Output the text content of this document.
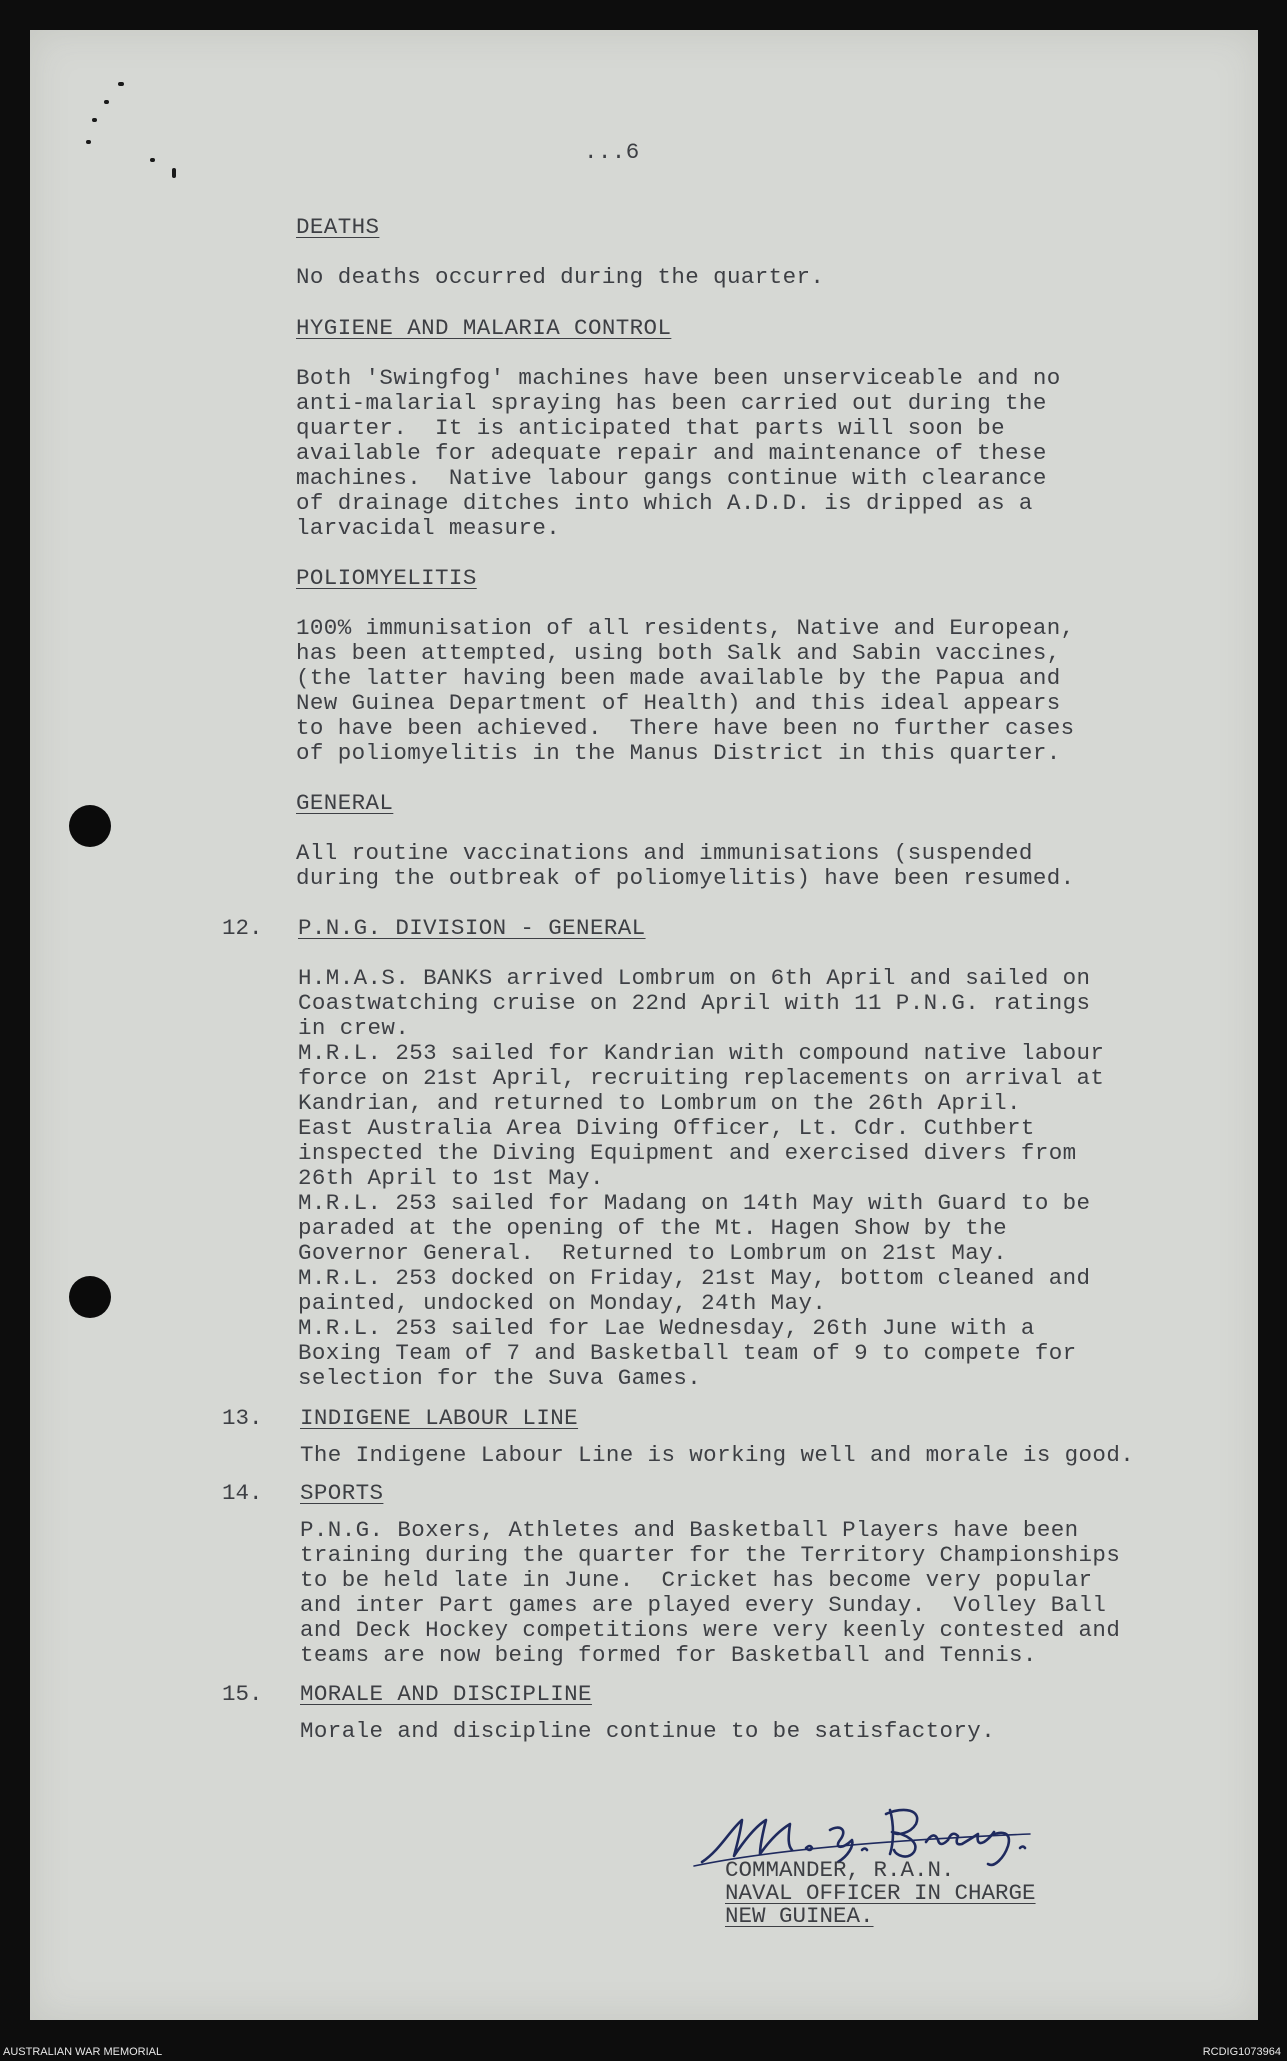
...6
DEATHS
No deaths occurred during the quarter.
HYGIENE AND MALARIA CONTROL
Both 'Swingfog' machines have been unserviceable and no
anti-malarial spraying has been carried out during the
quarter.  It is anticipated that parts will soon be
available for adequate repair and maintenance of these
machines.  Native labour gangs continue with clearance
of drainage ditches into which A.D.D. is dripped as a
larvacidal measure.
POLIOMYELITIS
100% immunisation of all residents, Native and European,
has been attempted, using both Salk and Sabin vaccines,
(the latter having been made available by the Papua and
New Guinea Department of Health) and this ideal appears
to have been achieved.  There have been no further cases
of poliomyelitis in the Manus District in this quarter.
GENERAL
All routine vaccinations and immunisations (suspended
during the outbreak of poliomyelitis) have been resumed.
12. P.N.G. DIVISION - GENERAL
H.M.A.S. BANKS arrived Lombrum on 6th April and sailed on
Coastwatching cruise on 22nd April with 11 P.N.G. ratings
in crew.
M.R.L. 253 sailed for Kandrian with compound native labour
force on 21st April, recruiting replacements on arrival at
Kandrian, and returned to Lombrum on the 26th April.
East Australia Area Diving Officer, Lt. Cdr. Cuthbert
inspected the Diving Equipment and exercised divers from
26th April to 1st May.
M.R.L. 253 sailed for Madang on 14th May with Guard to be
paraded at the opening of the Mt. Hagen Show by the
Governor General.  Returned to Lombrum on 21st May.
M.R.L. 253 docked on Friday, 21st May, bottom cleaned and
painted, undocked on Monday, 24th May.
M.R.L. 253 sailed for Lae Wednesday, 26th June with a
Boxing Team of 7 and Basketball team of 9 to compete for
selection for the Suva Games.
13. INDIGENE LABOUR LINE
The Indigene Labour Line is working well and morale is good.
14. SPORTS
P.N.G. Boxers, Athletes and Basketball Players have been
training during the quarter for the Territory Championships
to be held late in June.  Cricket has become very popular
and inter Part games are played every Sunday.  Volley Ball
and Deck Hockey competitions were very keenly contested and
teams are now being formed for Basketball and Tennis.
15. MORALE AND DISCIPLINE
Morale and discipline continue to be satisfactory.
M. G. Bailey
COMMANDER, R.A.N.
NAVAL OFFICER IN CHARGE
NEW GUINEA.
AUSTRALIAN WAR MEMORIAL	RCDIG1073964
